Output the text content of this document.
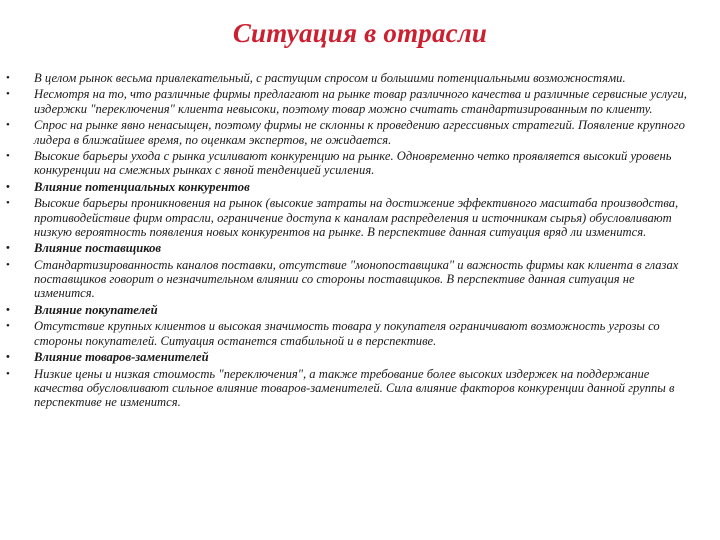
Ситуация в отрасли
• В целом рынок весьма привлекательный, с растущим спросом и большими потенциальными возможностями.
• Несмотря на то, что различные фирмы предлагают на рынке товар различного качества и различные сервисные услуги, издержки "переключения" клиента невысоки, поэтому товар можно считать стандартизированным по клиенту.
• Спрос на рынке явно ненасыщен, поэтому фирмы не склонны к проведению агрессивных стратегий. Появление крупного лидера в ближайшее время, по оценкам экспертов, не ожидается.
• Высокие барьеры ухода с рынка усиливают конкуренцию на рынке. Одновременно четко проявляется высокий уровень конкуренции на смежных рынках с явной тенденцией усиления.
• Влияние потенциальных конкурентов
• Высокие барьеры проникновения на рынок (высокие затраты на достижение эффективного масштаба производства, противодействие фирм отрасли, ограничение доступа к каналам распределения и источникам сырья) обусловливают низкую вероятность появления новых конкурентов на рынке. В перспективе данная ситуация вряд ли изменится.
• Влияние поставщиков
• Стандартизированность каналов поставки, отсутствие "монопоставщика" и важность фирмы как клиента в глазах поставщиков говорит о незначительном влиянии со стороны поставщиков. В перспективе данная ситуация не изменится.
• Влияние покупателей
• Отсутствие крупных клиентов и высокая значимость товара у покупателя ограничивают возможность угрозы со стороны покупателей. Ситуация останется стабильной и в перспективе.
• Влияние товаров-заменителей
• Низкие цены и низкая стоимость "переключения", а также требование более высоких издержек на поддержание качества обусловливают сильное влияние товаров-заменителей. Сила влияние факторов конкуренции данной группы в перспективе не изменится.
